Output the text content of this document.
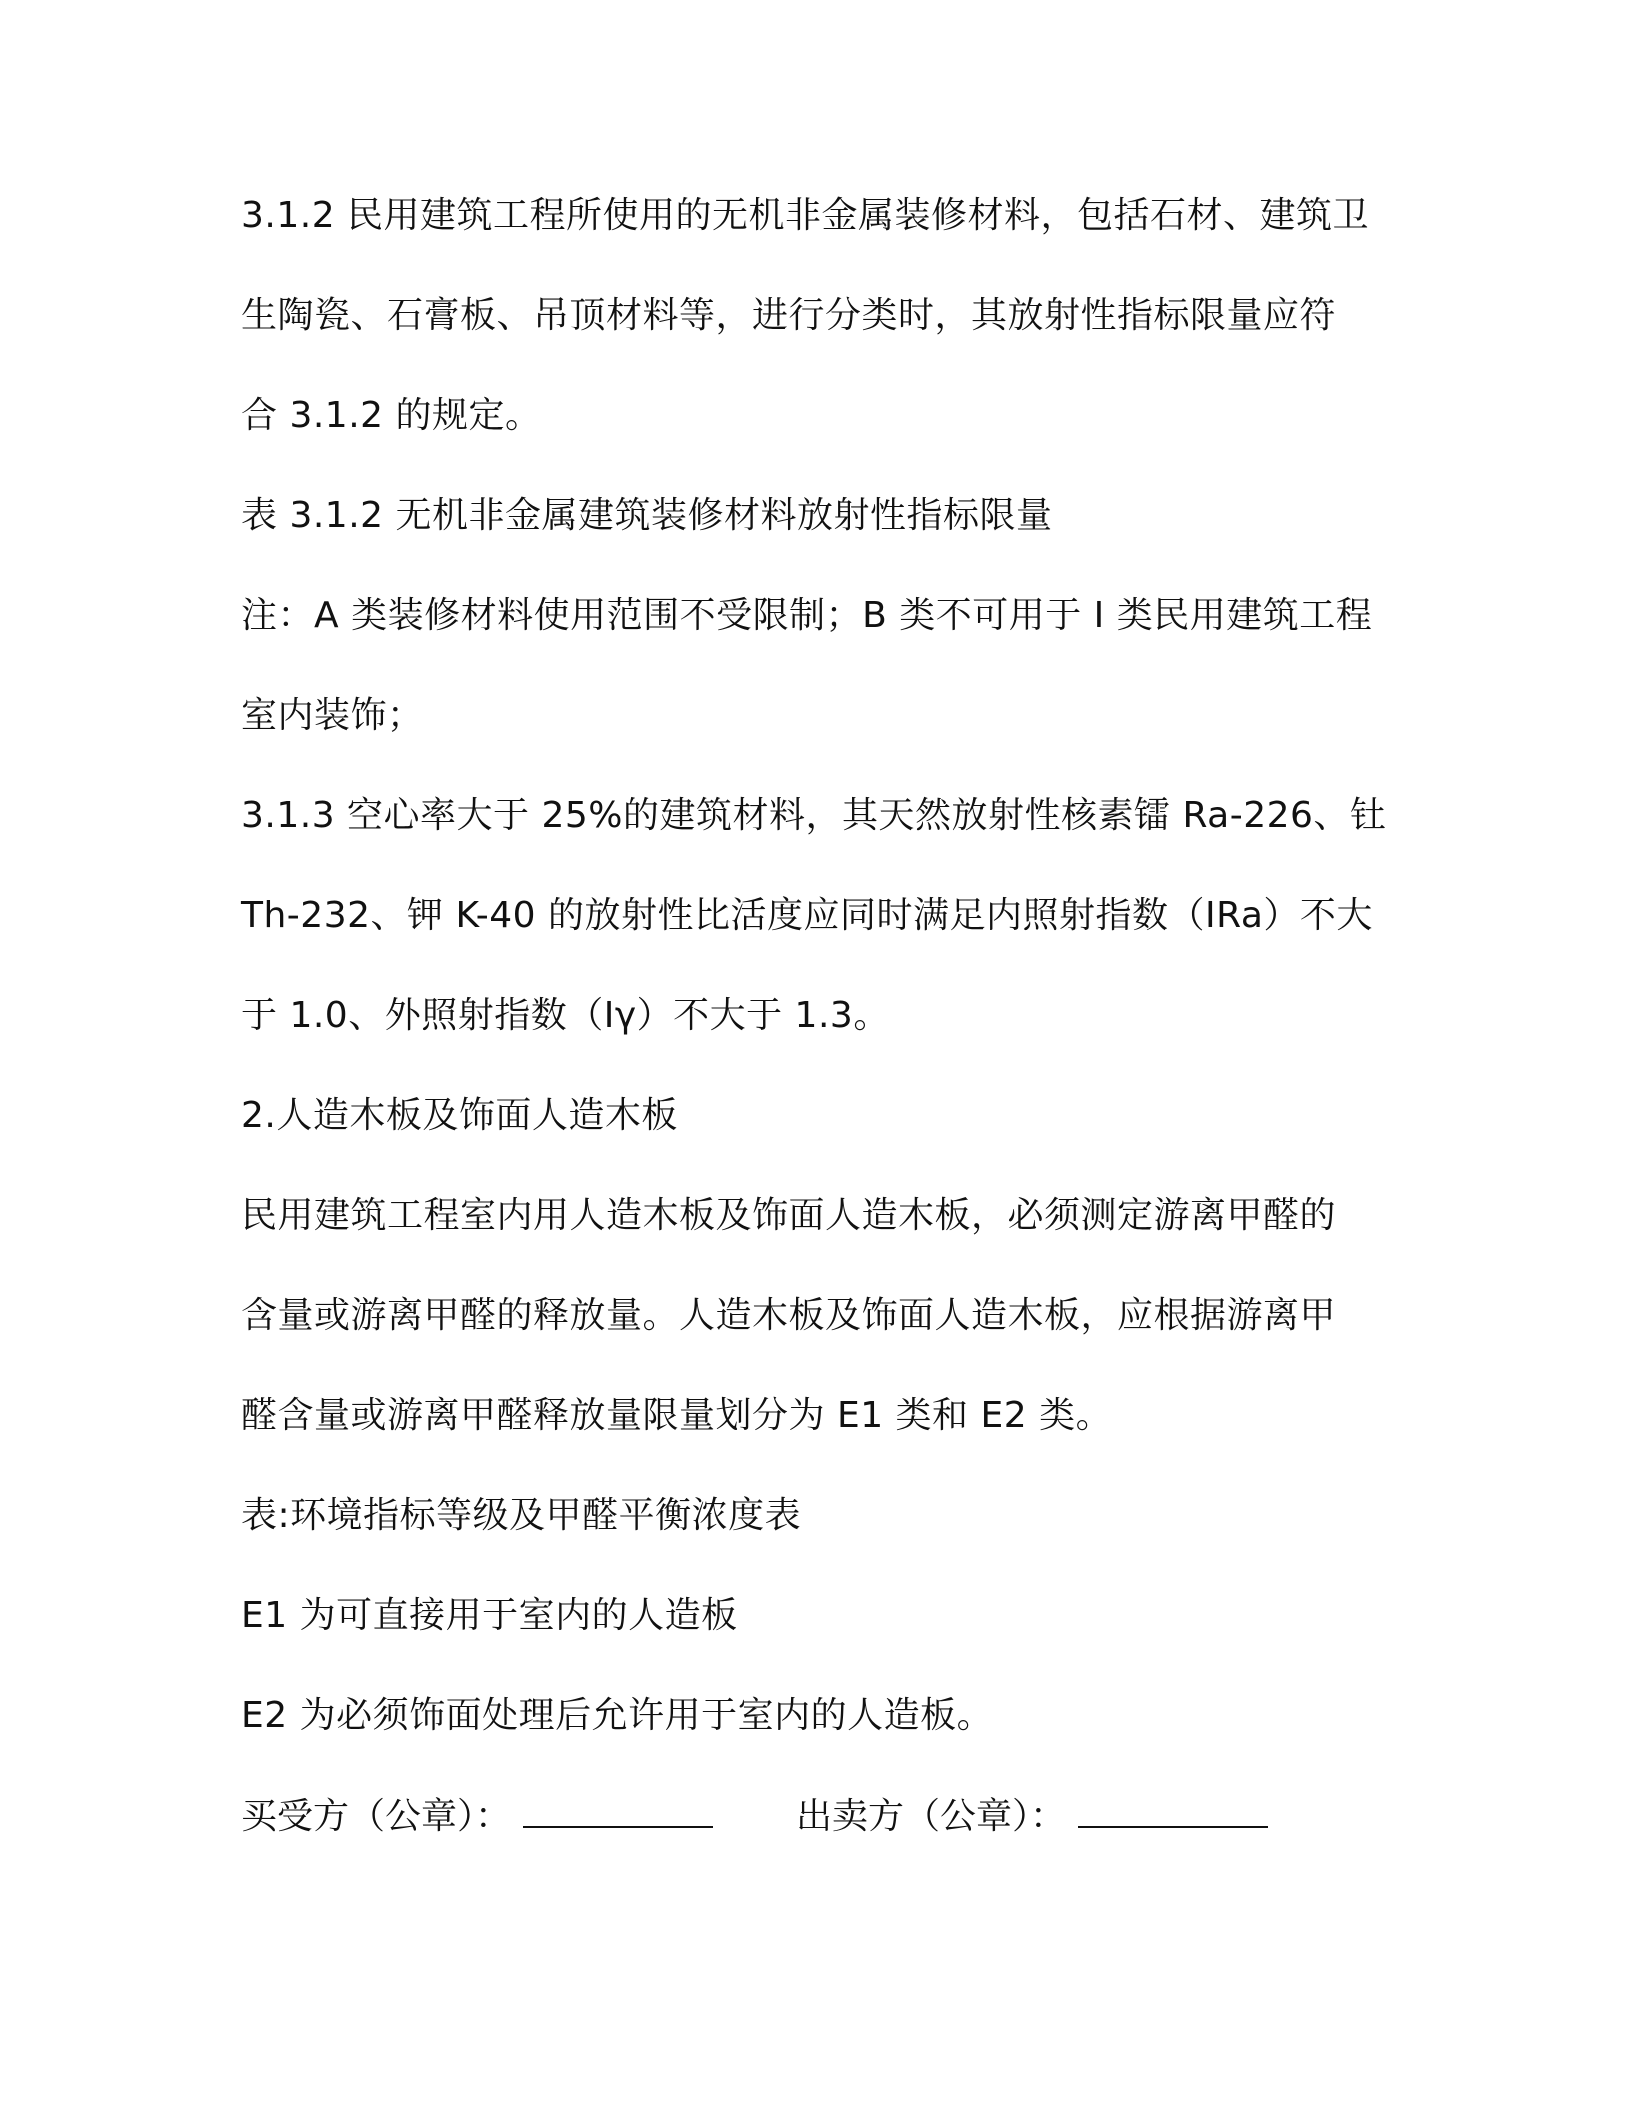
3.1.2 民用建筑工程所使用的无机非金属装修材料，包括石材、建筑卫
生陶瓷、石膏板、吊顶材料等，进行分类时，其放射性指标限量应符
合 3.1.2 的规定。
表 3.1.2 无机非金属建筑装修材料放射性指标限量
注：A 类装修材料使用范围不受限制；B 类不可用于 I 类民用建筑工程
室内装饰；
3.1.3 空心率大于 25%的建筑材料，其天然放射性核素镭 Ra-226、钍
Th-232、钾 K-40 的放射性比活度应同时满足内照射指数（IRa）不大
于 1.0、外照射指数（Iγ）不大于 1.3。
2.人造木板及饰面人造木板
民用建筑工程室内用人造木板及饰面人造木板，必须测定游离甲醛的
含量或游离甲醛的释放量。人造木板及饰面人造木板，应根据游离甲
醛含量或游离甲醛释放量限量划分为 E1 类和 E2 类。
表:环境指标等级及甲醛平衡浓度表
E1 为可直接用于室内的人造板
E2 为必须饰面处理后允许用于室内的人造板。
买受方（公章）：	出卖方（公章）：
